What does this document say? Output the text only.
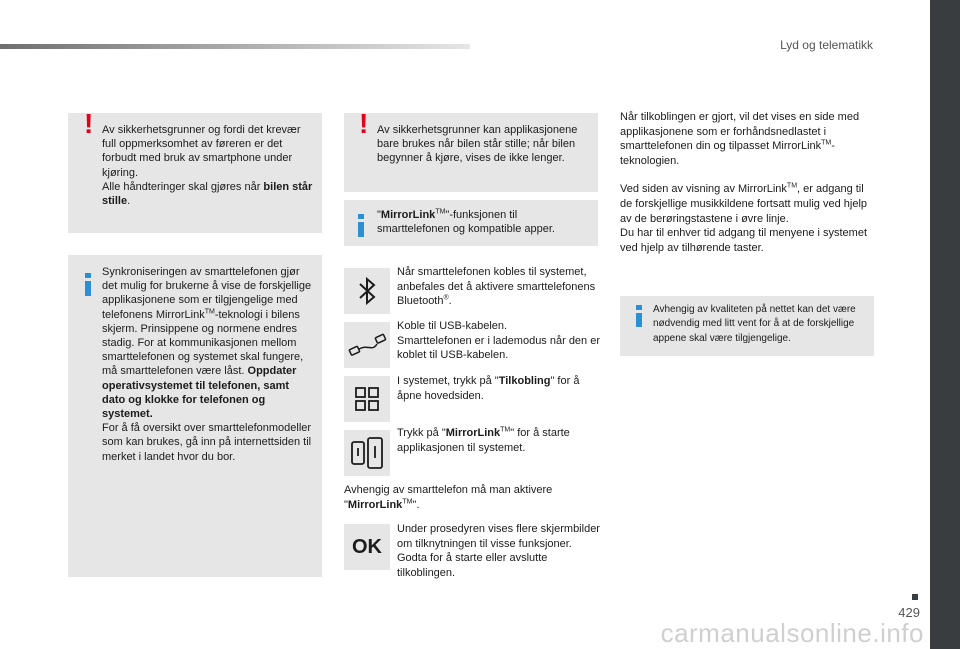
Lyd og telematikk
! Av sikkerhetsgrunner og fordi det krevær full oppmerksomhet av føreren er det forbudt med bruk av smartphone under kjøring.

Alle håndteringer skal gjøres når bilen står stille.

Synkroniseringen av smarttelefonen gjør det mulig for brukerne å vise de forskjellige applikasjonene som er tilgjengelige med telefonens MirrorLink™-teknologi i bilens skjerm. Prinsippene og normene endres stadig. For at kommunikasjonen mellom smarttelefonen og systemet skal fungere, må smarttelefonen være låst. Oppdater operativsystemet til telefonen, samt dato og klokke for telefonen og systemet.

For å få oversikt over smarttelefonmodeller som kan brukes, gå inn på internettsiden til merket i landet hvor du bor.

! Av sikkerhetsgrunner kan applikasjonene bare brukes når bilen står stille; når bilen begynner å kjøre, vises de ikke lenger.

"MirrorLink™"-funksjonen til smarttelefonen og kompatible apper.

Når smarttelefonen kobles til systemet, anbefales det å aktivere smarttelefonens Bluetooth®.

Koble til USB-kabelen.

Smarttelefonen er i lademodus når den er koblet til USB-kabelen.

I systemet, trykk på "Tilkobling" for å åpne hovedsiden.

Trykk på "MirrorLink™" for å starte applikasjonen til systemet.

Avhengig av smarttelefon må man aktivere

"MirrorLink™".

OK

Under prosedyren vises flere skjermbilder om tilknytningen til visse funksjoner.

Godta for å starte eller avslutte tilkoblingen.

Når tilkoblingen er gjort, vil det vises en side med applikasjonene som er forhåndsnedlastet i smarttelefonen din og tilpasset MirrorLink™-teknologien.

Ved siden av visning av MirrorLink™, er adgang til de forskjellige musikkildene fortsatt mulig ved hjelp av de berøringstastene i øvre linje.

Du har til enhver tid adgang til menyene i systemet ved hjelp av tilhørende taster.

Avhengig av kvaliteten på nettet kan det være nødvendig med litt vent for å at de forskjellige appene skal være tilgjengelige.

429
carmanualsonline.info
